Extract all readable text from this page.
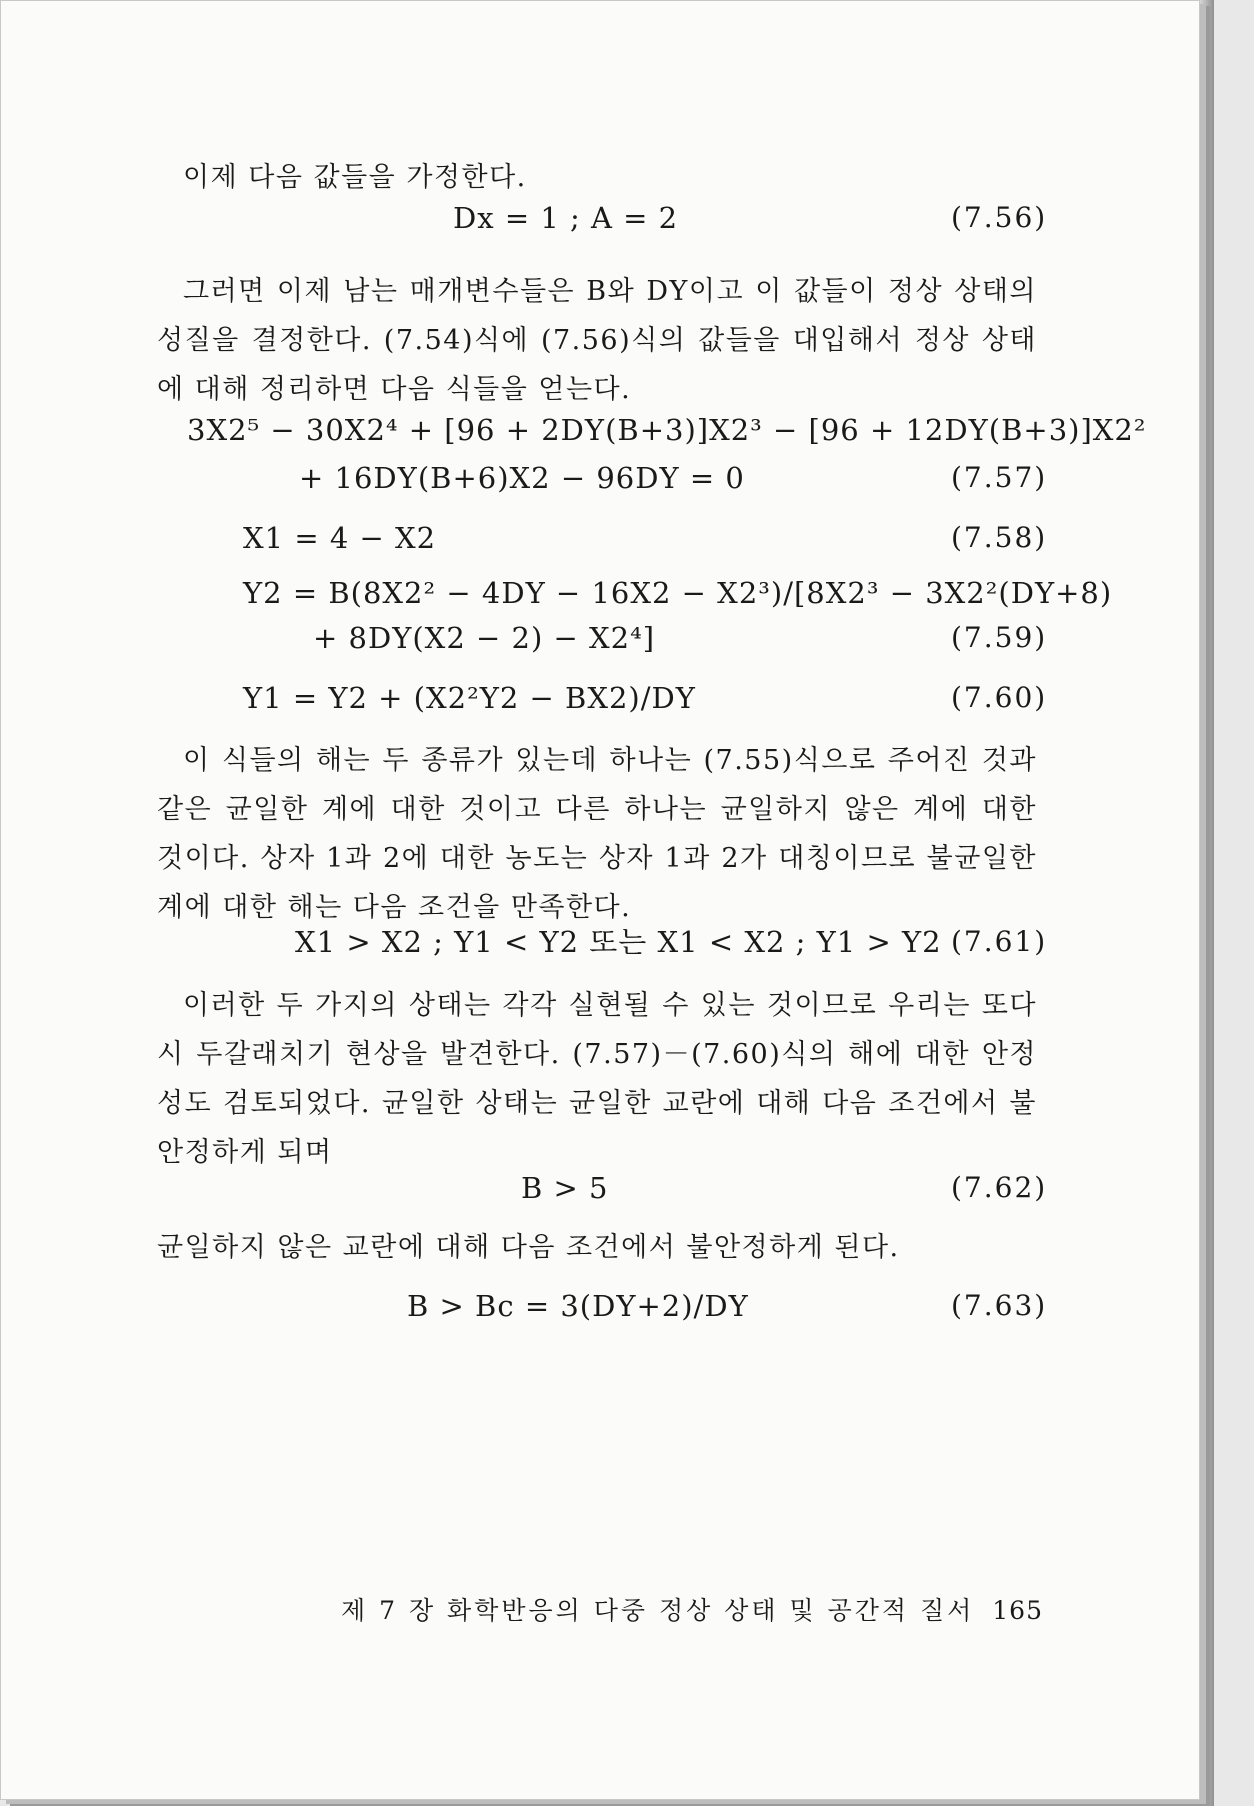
이제 다음 값들을 가정한다.

Dx = 1 ; A = 2	(7.56)

그러면 이제 남는 매개변수들은 B와 DY이고 이 값들이 정상 상태의 성질을 결정한다. (7.54)식에 (7.56)식의 값들을 대입해서 정상 상태에 대해 정리하면 다음 식들을 얻는다.

3X2⁵ − 30X2⁴ + [96 + 2DY(B+3)]X2³ − [96 + 12DY(B+3)]X2²
+ 16DY(B+6)X2 − 96DY = 0	(7.57)
X1 = 4 − X2	(7.58)
Y2 = B(8X2² − 4DY − 16X2 − X2³)/[8X2³ − 3X2²(DY+8)
+ 8DY(X2 − 2) − X2⁴]	(7.59)
Y1 = Y2 + (X2²Y2 − BX2)/DY	(7.60)

이 식들의 해는 두 종류가 있는데 하나는 (7.55)식으로 주어진 것과 같은 균일한 계에 대한 것이고 다른 하나는 균일하지 않은 계에 대한 것이다. 상자 1과 2에 대한 농도는 상자 1과 2가 대칭이므로 불균일한 계에 대한 해는 다음 조건을 만족한다.

X1 > X2 ; Y1 < Y2 또는 X1 < X2 ; Y1 > Y2 (7.61)

이러한 두 가지의 상태는 각각 실현될 수 있는 것이므로 우리는 또다시 두갈래치기 현상을 발견한다. (7.57)－(7.60)식의 해에 대한 안정성도 검토되었다. 균일한 상태는 균일한 교란에 대해 다음 조건에서 불안정하게 되며

B > 5	(7.62)

균일하지 않은 교란에 대해 다음 조건에서 불안정하게 된다.

B > Bc = 3(DY+2)/DY	(7.63)
제 7 장 화학반응의 다중 정상 상태 및 공간적 질서 165
